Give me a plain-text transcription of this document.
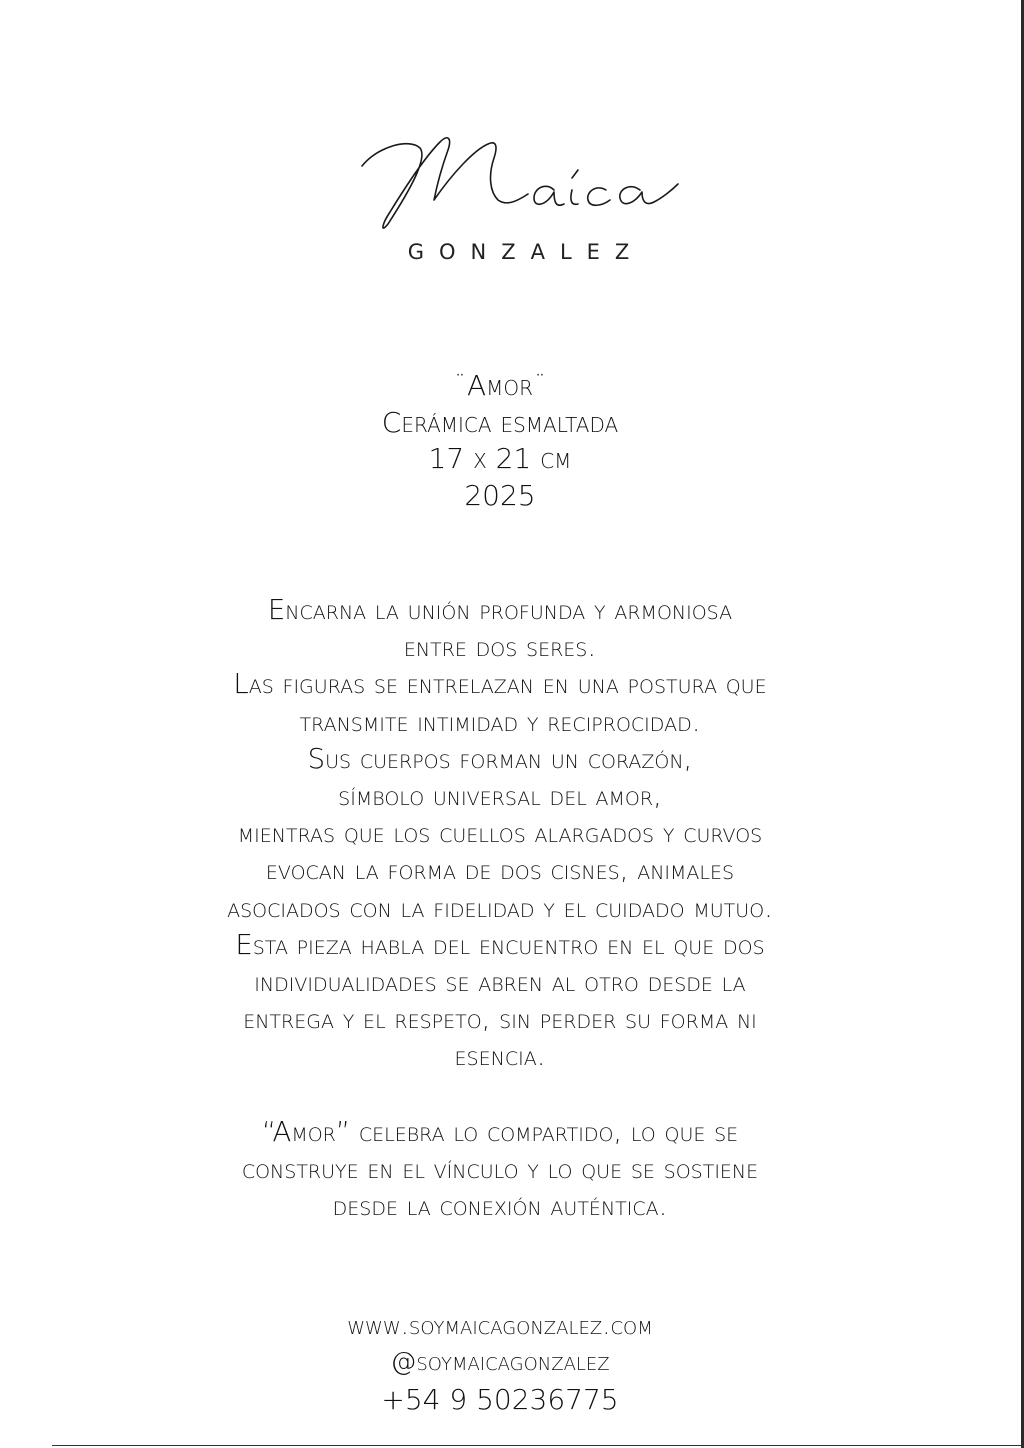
GONZALEZ
¨Amor¨
Cerámica esmaltada
17 x 21 cm
2025
Encarna la unión profunda y armoniosa
entre dos seres.
Las figuras se entrelazan en una postura que
transmite intimidad y reciprocidad.
Sus cuerpos forman un corazón,
símbolo universal del amor,
mientras que los cuellos alargados y curvos
evocan la forma de dos cisnes, animales
asociados con la fidelidad y el cuidado mutuo.
Esta pieza habla del encuentro en el que dos
individualidades se abren al otro desde la
entrega y el respeto, sin perder su forma ni
esencia.
“Amor” celebra lo compartido, lo que se
construye en el vínculo y lo que se sostiene
desde la conexión auténtica.
www.soymaicagonzalez.com
@soymaicagonzalez
+54 9 50236775
